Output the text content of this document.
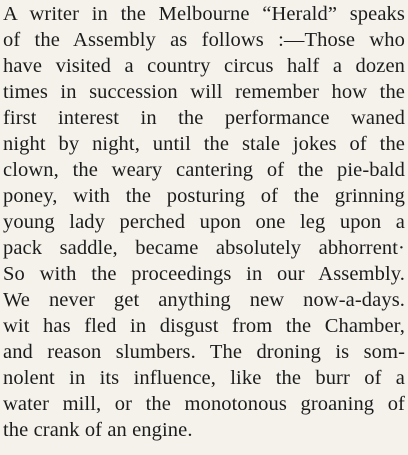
A writer in the Melbourne “Herald” speaks
of the Assembly as follows :—Those who
have visited a country circus half a dozen
times in succession will remember how the
first interest in the performance waned
night by night, until the stale jokes of the
clown, the weary cantering of the pie-bald
poney, with the posturing of the grinning
young lady perched upon one leg upon a
pack saddle, became absolutely abhorrent·
So with the proceedings in our Assembly.
We never get anything new now-a-days.
wit has fled in disgust from the Chamber,
and reason slumbers. The droning is som-
nolent in its influence, like the burr of a
water mill, or the monotonous groaning of
the crank of an engine.
